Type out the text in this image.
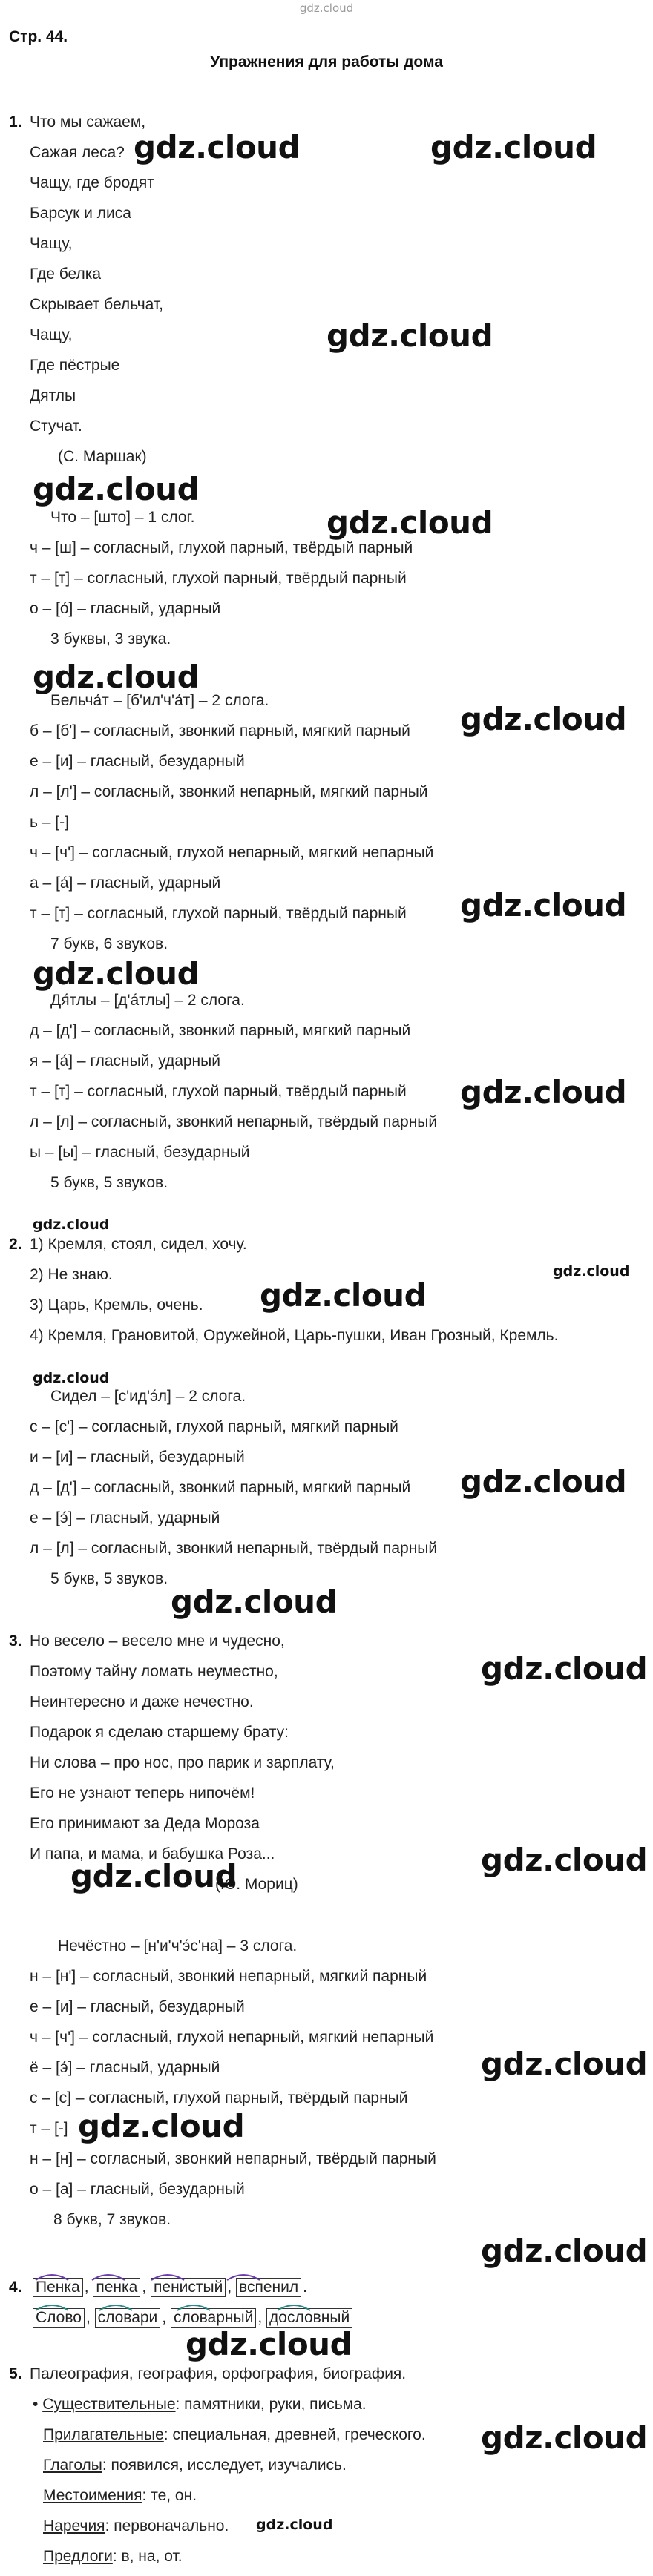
gdz.cloud
Стр. 44.
Упражнения для работы дома
1. Что мы сажаем,
Сажая леса?
Чащу, где бродят
Барсук и лиса
Чащу,
Где белка
Скрывает бельчат,
Чащу,
Где пёстрые
Дятлы
Стучат.
(С. Маршак)
Что – [што] – 1 слог.
ч – [ш] – согласный, глухой парный, твёрдый парный
т – [т] – согласный, глухой парный, твёрдый парный
о – [о́] – гласный, ударный
3 буквы, 3 звука.
Бельча́т – [б'ил'ч'а́т] – 2 слога.
б – [б'] – согласный, звонкий парный, мягкий парный
е – [и] – гласный, безударный
л – [л'] – согласный, звонкий непарный, мягкий парный
ь – [-]
ч – [ч'] – согласный, глухой непарный, мягкий непарный
а – [а́] – гласный, ударный
т – [т] – согласный, глухой парный, твёрдый парный
7 букв, 6 звуков.
Дя́тлы – [д'а́тлы] – 2 слога.
д – [д'] – согласный, звонкий парный, мягкий парный
я – [а́] – гласный, ударный
т – [т] – согласный, глухой парный, твёрдый парный
л – [л] – согласный, звонкий непарный, твёрдый парный
ы – [ы] – гласный, безударный
5 букв, 5 звуков.
2. 1) Кремля, стоял, сидел, хочу.
2) Не знаю.
3) Царь, Кремль, очень.
4) Кремля, Грановитой, Оружейной, Царь-пушки, Иван Грозный, Кремль.
Сидел – [с'ид'э́л] – 2 слога.
с – [с'] – согласный, глухой парный, мягкий парный
и – [и] – гласный, безударный
д – [д'] – согласный, звонкий парный, мягкий парный
е – [э́] – гласный, ударный
л – [л] – согласный, звонкий непарный, твёрдый парный
5 букв, 5 звуков.
3. Но весело – весело мне и чудесно,
Поэтому тайну ломать неуместно,
Неинтересно и даже нечестно.
Подарок я сделаю старшему брату:
Ни слова – про нос, про парик и зарплату,
Его не узнают теперь нипочём!
Его принимают за Деда Мороза
И папа, и мама, и бабушка Роза...
(Ю. Мориц)
Нечёстно – [н'и'ч'э́с'на] – 3 слога.
н – [н'] – согласный, звонкий непарный, мягкий парный
е – [и] – гласный, безударный
ч – [ч'] – согласный, глухой непарный, мягкий непарный
ё – [э́] – гласный, ударный
с – [с] – согласный, глухой парный, твёрдый парный
т – [-]
н – [н] – согласный, звонкий непарный, твёрдый парный
о – [а] – гласный, безударный
8 букв, 7 звуков.
4. Пенка , пенка , пенистый , вспенил .
Слово , словари , словарный , дословный
5. Палеография, география, орфография, биография.
• Существительные: памятники, руки, письма.
Прилагательные: специальная, древней, греческого.
Глаголы: появился, исследует, изучались.
Местоимения: те, он.
Наречия: первоначально.
Предлоги: в, на, от.
gdz.cloud	gdz.cloud
gdz.cloud
gdz.cloud
gdz.cloud
gdz.cloud
gdz.cloud
gdz.cloud
gdz.cloud
gdz.cloud
gdz.cloud
gdz.cloud
gdz.cloud
gdz.cloud
gdz.cloud
gdz.cloud
gdz.cloud
gdz.cloud
gdz.cloud
gdz.cloud
gdz.cloud
gdz.cloud
gdz.cloud
gdz.cloud
gdz.cloud
